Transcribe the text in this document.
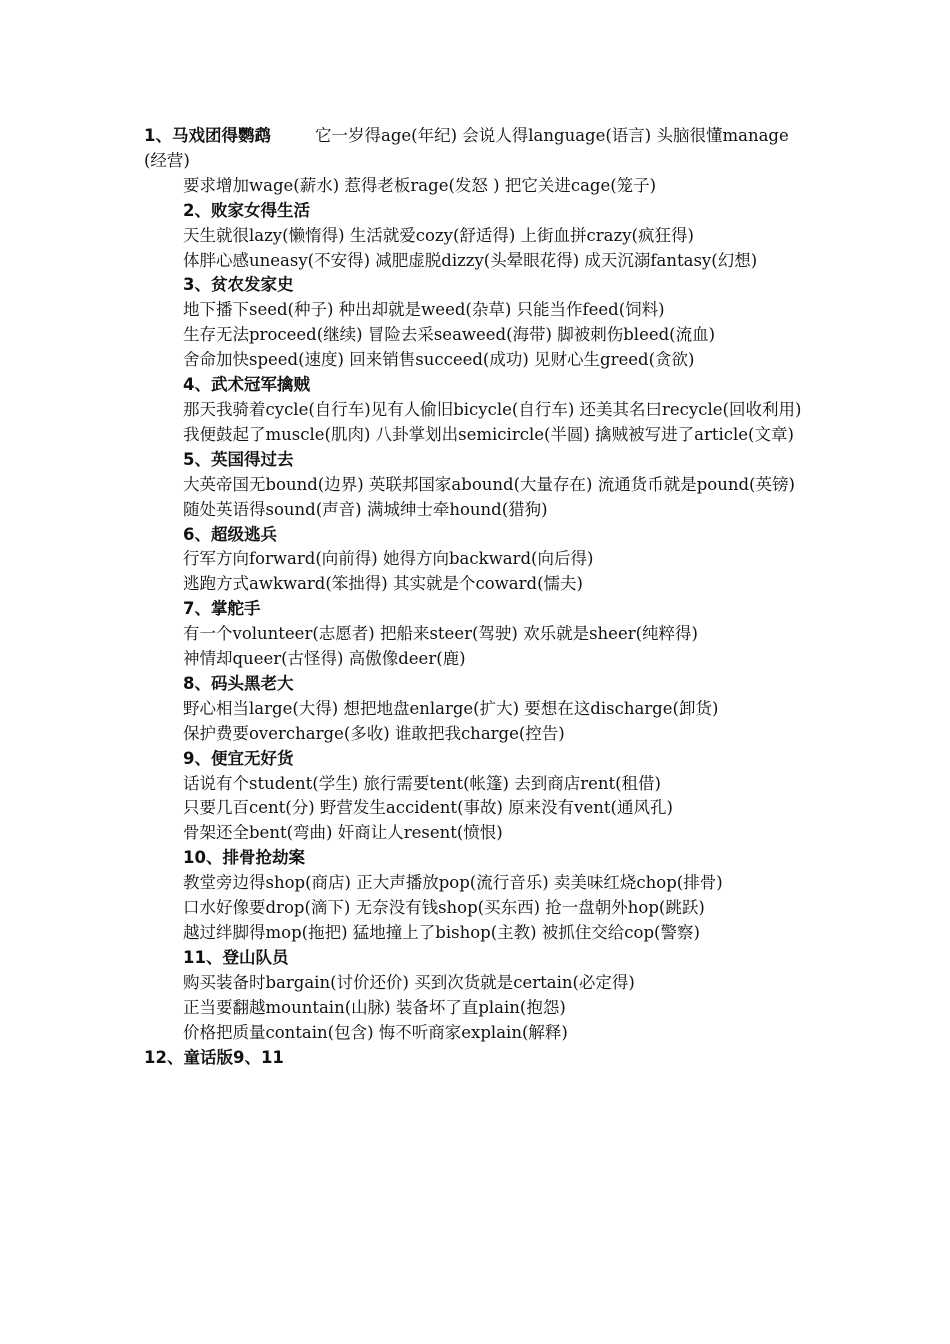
1、马戏团得鹦鹉	它一岁得age(年纪) 会说人得language(语言) 头脑很懂manage(经营)
要求增加wage(薪水) 惹得老板rage(发怒 ) 把它关进cage(笼子)
2、败家女得生活
天生就很lazy(懒惰得) 生活就爱cozy(舒适得) 上街血拼crazy(疯狂得)
体胖心感uneasy(不安得) 减肥虚脱dizzy(头晕眼花得) 成天沉溺fantasy(幻想)
3、贫农发家史
地下播下seed(种子) 种出却就是weed(杂草) 只能当作feed(饲料)
生存无法proceed(继续) 冒险去采seaweed(海带) 脚被刺伤bleed(流血)
舍命加快speed(速度) 回来销售succeed(成功) 见财心生greed(贪欲)
4、武术冠军擒贼
那天我骑着cycle(自行车)见有人偷旧bicycle(自行车) 还美其名曰recycle(回收利用)
我便鼓起了muscle(肌肉) 八卦掌划出semicircle(半圆) 擒贼被写进了article(文章)
5、英国得过去
大英帝国无bound(边界) 英联邦国家abound(大量存在) 流通货币就是pound(英镑)
随处英语得sound(声音) 满城绅士牵hound(猎狗)
6、超级逃兵
行军方向forward(向前得) 她得方向backward(向后得)
逃跑方式awkward(笨拙得) 其实就是个coward(懦夫)
7、掌舵手
有一个volunteer(志愿者) 把船来steer(驾驶) 欢乐就是sheer(纯粹得)
神情却queer(古怪得) 高傲像deer(鹿)
8、码头黑老大
野心相当large(大得) 想把地盘enlarge(扩大) 要想在这discharge(卸货)
保护费要overcharge(多收) 谁敢把我charge(控告)
9、便宜无好货
话说有个student(学生) 旅行需要tent(帐篷) 去到商店rent(租借)
只要几百cent(分) 野营发生accident(事故) 原来没有vent(通风孔)
骨架还全bent(弯曲) 奸商让人resent(愤恨)
10、排骨抢劫案
教堂旁边得shop(商店) 正大声播放pop(流行音乐) 卖美味红烧chop(排骨)
口水好像要drop(滴下) 无奈没有钱shop(买东西) 抢一盘朝外hop(跳跃)
越过绊脚得mop(拖把) 猛地撞上了bishop(主教) 被抓住交给cop(警察)
11、登山队员
购买装备时bargain(讨价还价) 买到次货就是certain(必定得)
正当要翻越mountain(山脉) 装备坏了直plain(抱怨)
价格把质量contain(包含) 悔不听商家explain(解释)
12、童话版9、11
